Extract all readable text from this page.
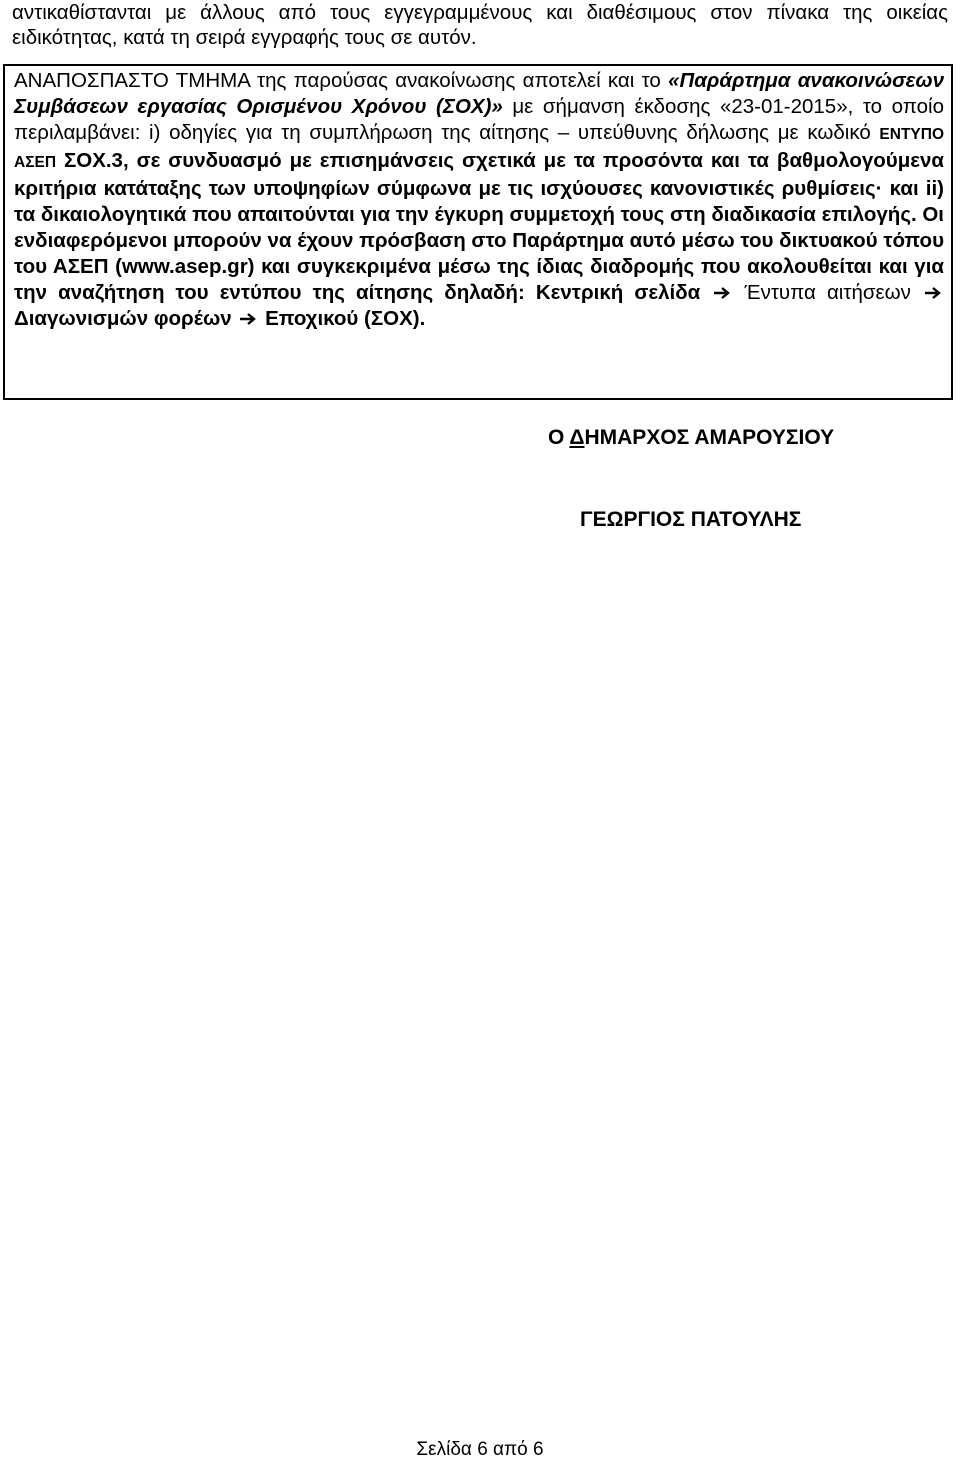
αντικαθίστανται με άλλους από τους εγγεγραμμένους και διαθέσιμους στον πίνακα της οικείας ειδικότητας, κατά τη σειρά εγγραφής τους σε αυτόν.

ΑΝΑΠΟΣΠΑΣΤΟ ΤΜΗΜΑ της παρούσας ανακοίνωσης αποτελεί και το «Παράρτημα ανακοινώσεων Συμβάσεων εργασίας Ορισμένου Χρόνου (ΣΟΧ)» με σήμανση έκδοσης «23-01-2015», το οποίο περιλαμβάνει: i) οδηγίες για τη συμπλήρωση της αίτησης – υπεύθυνης δήλωσης με κωδικό ΕΝΤΥΠΟ ΑΣΕΠ ΣΟΧ.3, σε συνδυασμό με επισημάνσεις σχετικά με τα προσόντα και τα βαθμολογούμενα κριτήρια κατάταξης των υποψηφίων σύμφωνα με τις ισχύουσες κανονιστικές ρυθμίσεις· και ii) τα δικαιολογητικά που απαιτούνται για την έγκυρη συμμετοχή τους στη διαδικασία επιλογής. Οι ενδιαφερόμενοι μπορούν να έχουν πρόσβαση στο Παράρτημα αυτό μέσω του δικτυακού τόπου του ΑΣΕΠ (www.asep.gr) και συγκεκριμένα μέσω της ίδιας διαδρομής που ακολουθείται και για την αναζήτηση του εντύπου της αίτησης δηλαδή: Κεντρική σελίδα Έντυπα αιτήσεων  Διαγωνισμών φορέων Εποχικού (ΣΟΧ).

Ο ΔΗΜΑΡΧΟΣ ΑΜΑΡΟΥΣΙΟΥ

ΓΕΩΡΓΙΟΣ ΠΑΤΟΥΛΗΣ

Σελίδα 6 από 6
